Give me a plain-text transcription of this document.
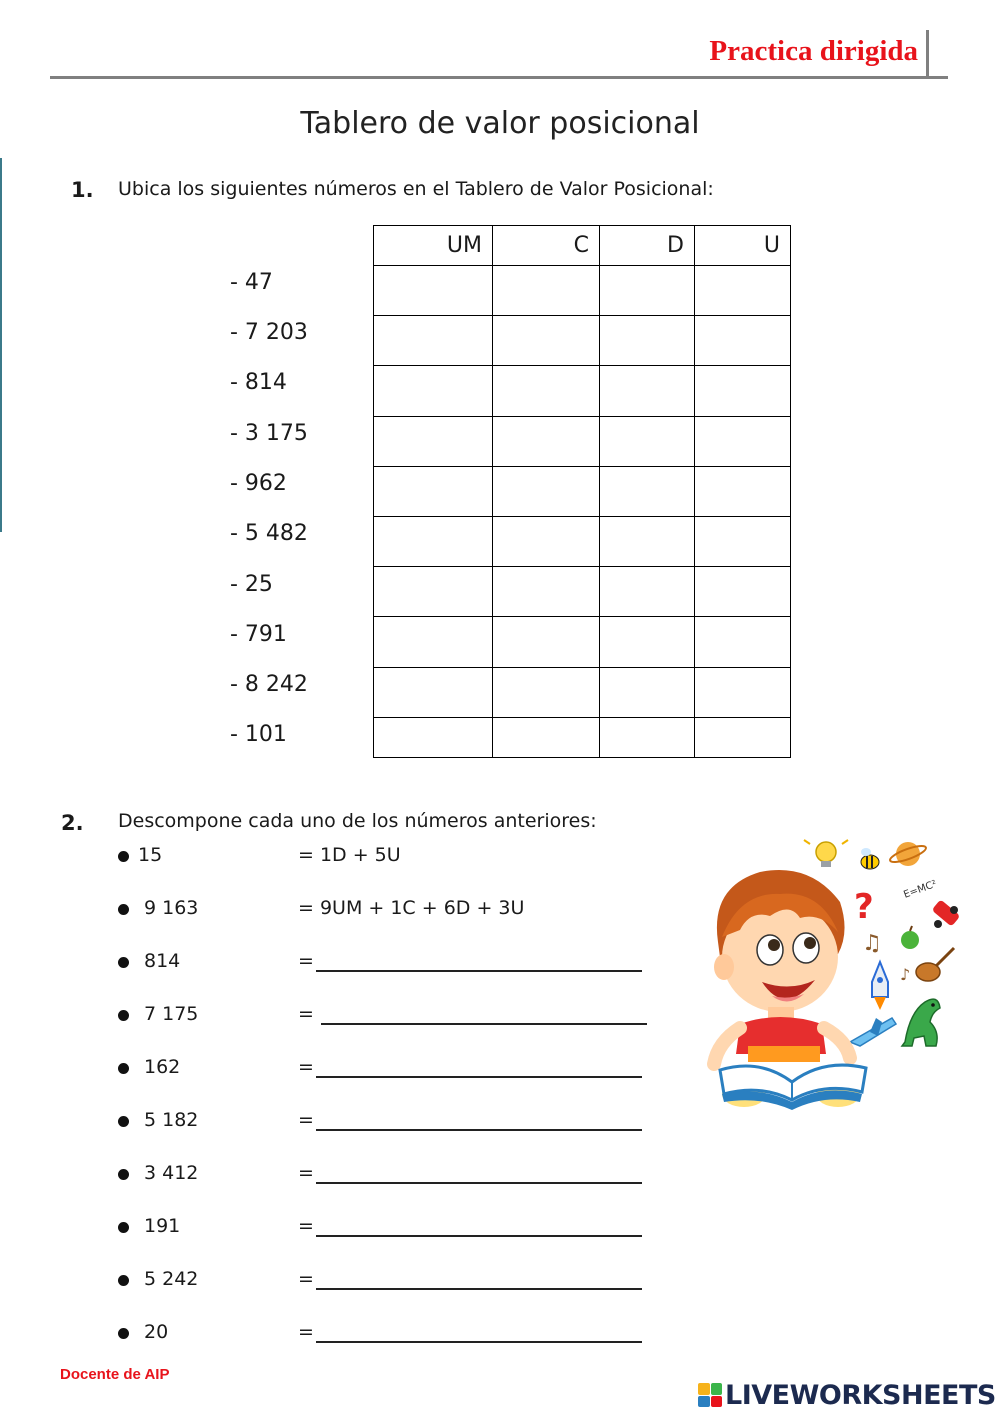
Practica dirigida
Tablero de valor posicional
1. Ubica los siguientes números en el Tablero de Valor Posicional:
- 47
- 7 203
- 814
- 3 175
- 962
- 5 482
- 25
- 791
- 8 242
- 101
UM	C	D	U

2. Descompone cada uno de los números anteriores:
15	= 1D + 5U
9 163	= 9UM + 1C + 6D + 3U
814	=
7 175	=
162	=
5 182	=
3 412	=
191	=
5 242	=
20	=
?	E=MC²
♫
♪
Docente de AIP
LIVEWORKSHEETS
